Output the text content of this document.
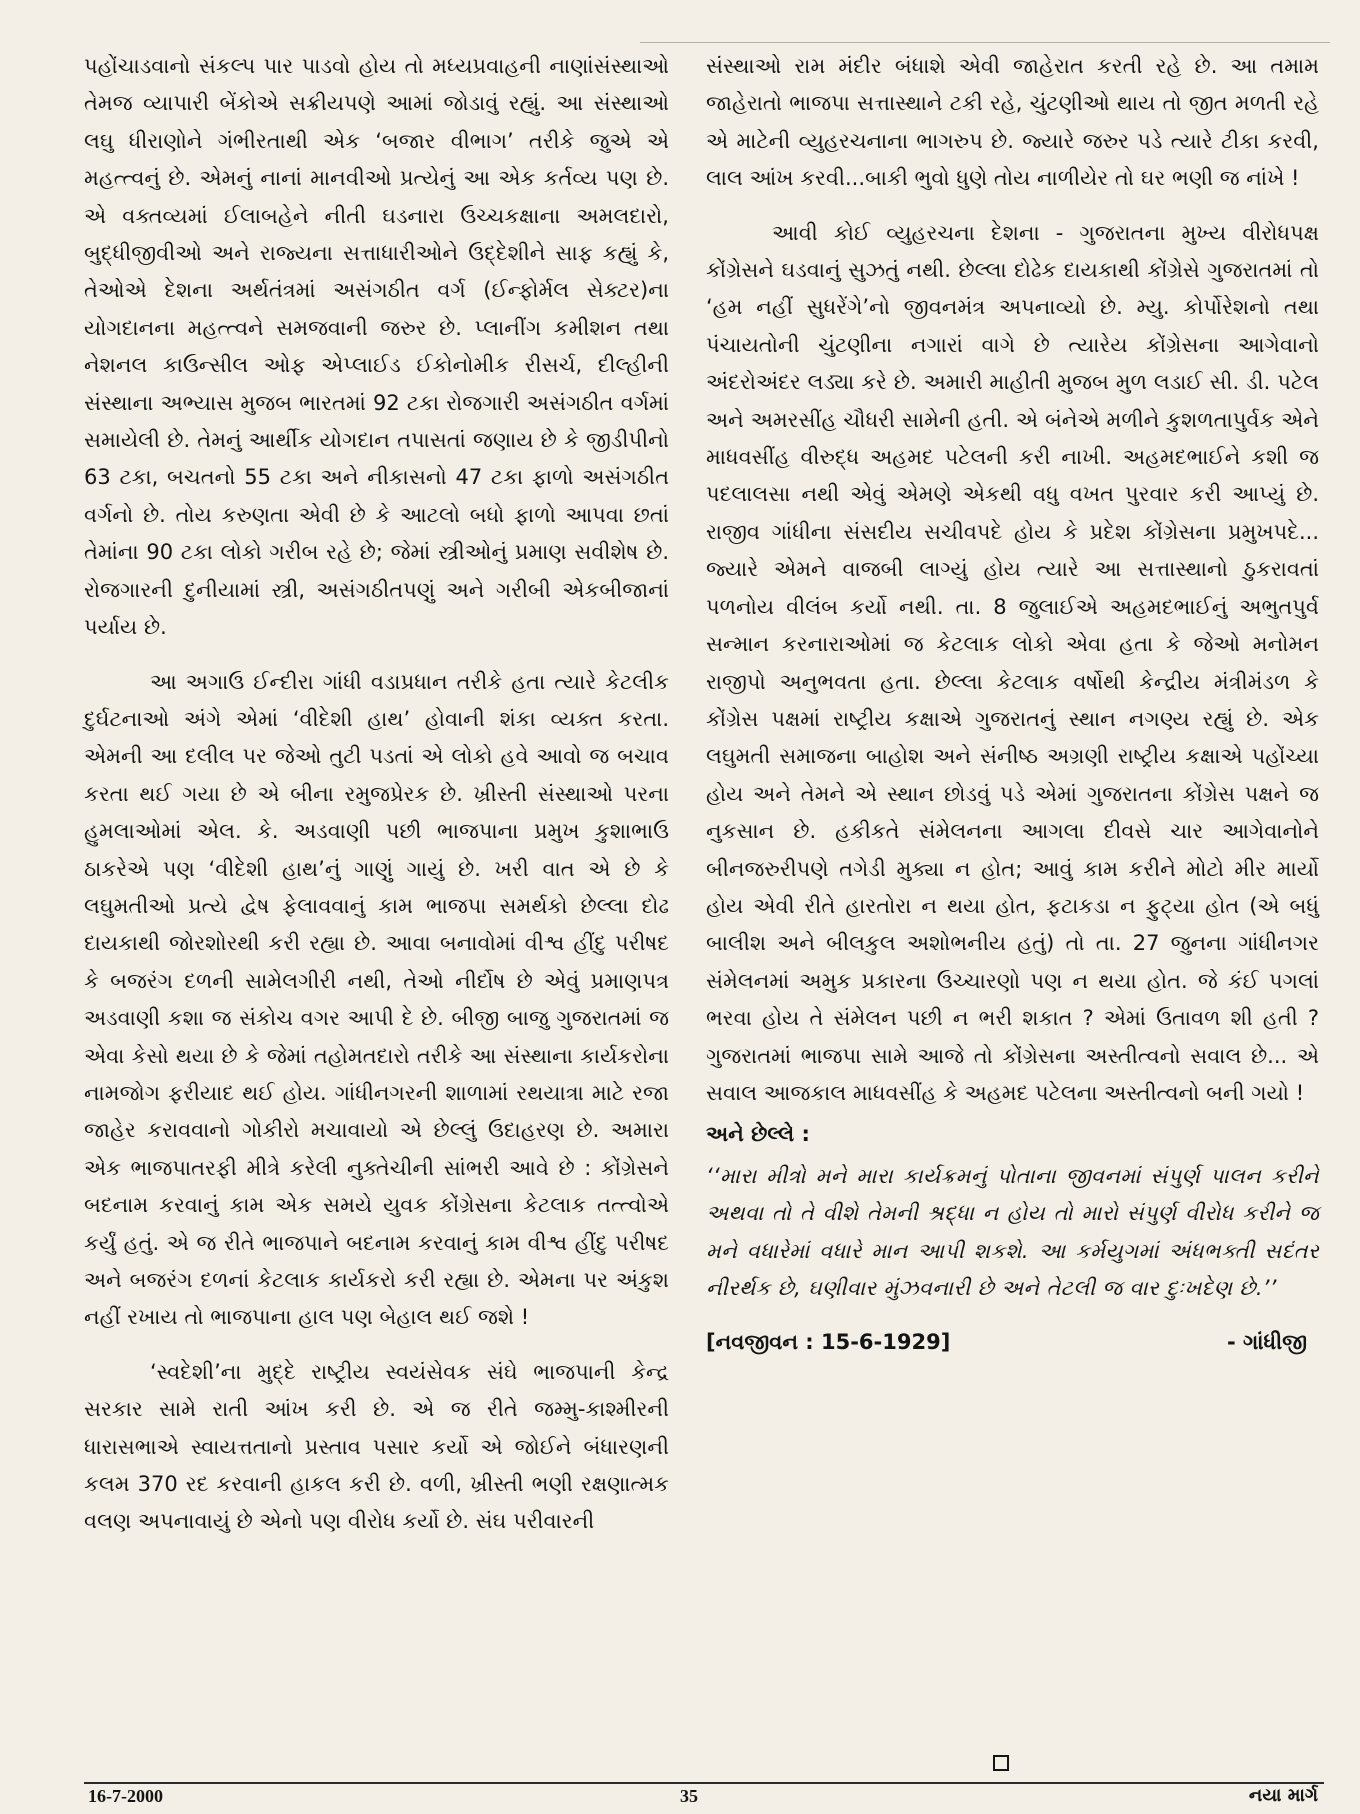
પહોંચાડવાનો સંકલ્પ પાર પાડવો હોય તો મધ્યપ્રવાહની નાણાંસંસ્થાઓ તેમજ વ્યાપારી બેંકોએ સક્રીયપણે આમાં જોડાવું રહ્યું. આ સંસ્થાઓ લઘુ ધીરાણોને ગંભીરતાથી એક ‘બજાર વીભાગ’ તરીકે જુએ એ મહત્ત્વનું છે. એમનું નાનાં માનવીઓ પ્રત્યેનું આ એક કર્તવ્ય પણ છે. એ વક્તવ્યમાં ઈલાબહેને નીતી ઘડનારા ઉચ્ચકક્ષાના અમલદારો, બુદ્ધીજીવીઓ અને રાજ્યના સત્તાધારીઓને ઉદ્દેશીને સાફ કહ્યું કે, તેઓએ દેશના અર્થતંત્રમાં અસંગઠીત વર્ગ (ઈન્ફોર્મલ સેક્ટર)ના યોગદાનના મહત્ત્વને સમજવાની જરુર છે. પ્લાનીંગ કમીશન તથા નેશનલ કાઉન્સીલ ઓફ એપ્લાઈડ ઈકોનોમીક રીસર્ચ, દીલ્હીની સંસ્થાના અભ્યાસ મુજબ ભારતમાં 92 ટકા રોજગારી અસંગઠીત વર્ગમાં સમાયેલી છે. તેમનું આર્થીક યોગદાન તપાસતાં જણાય છે કે જીડીપીનો 63 ટકા, બચતનો 55 ટકા અને નીકાસનો 47 ટકા ફાળો અસંગઠીત વર્ગનો છે. તોય કરુણતા એવી છે કે આટલો બધો ફાળો આપવા છતાં તેમાંના 90 ટકા લોકો ગરીબ રહે છે; જેમાં સ્ત્રીઓનું પ્રમાણ સવીશેષ છે. રોજગારની દુનીયામાં સ્ત્રી, અસંગઠીતપણું અને ગરીબી એકબીજાનાં પર્યાય છે.

આ અગાઉ ઈન્દીરા ગાંધી વડાપ્રધાન તરીકે હતા ત્યારે કેટલીક દુર્ઘટનાઓ અંગે એમાં ‘વીદેશી હાથ’ હોવાની શંકા વ્યક્ત કરતા. એમની આ દલીલ પર જેઓ તુટી પડતાં એ લોકો હવે આવો જ બચાવ કરતા થઈ ગયા છે એ બીના રમુજપ્રેરક છે. ખ્રીસ્તી સંસ્થાઓ પરના હુમલાઓમાં એલ. કે. અડવાણી પછી ભાજપાના પ્રમુખ કુશાભાઉ ઠાકરેએ પણ ‘વીદેશી હાથ’નું ગાણું ગાયું છે. ખરી વાત એ છે કે લઘુમતીઓ પ્રત્યે દ્વેષ ફેલાવવાનું કામ ભાજપા સમર્થકો છેલ્લા દોઢ દાયકાથી જોરશોરથી કરી રહ્યા છે. આવા બનાવોમાં વીશ્વ હીંદુ પરીષદ કે બજરંગ દળની સામેલગીરી નથી, તેઓ નીર્દોષ છે એવું પ્રમાણપત્ર અડવાણી કશા જ સંકોચ વગર આપી દે છે. બીજી બાજુ ગુજરાતમાં જ એવા કેસો થયા છે કે જેમાં તહોમતદારો તરીકે આ સંસ્થાના કાર્યકરોના નામજોગ ફરીયાદ થઈ હોય. ગાંધીનગરની શાળામાં રથયાત્રા માટે રજા જાહેર કરાવવાનો ગોકીરો મચાવાયો એ છેલ્લું ઉદાહરણ છે. અમારા એક ભાજપાતરફી મીત્રે કરેલી નુક્તેચીની સાંભરી આવે છે : કોંગ્રેસને બદનામ કરવાનું કામ એક સમયે યુવક કોંગ્રેસના કેટલાક તત્ત્વોએ કર્યું હતું. એ જ રીતે ભાજપાને બદનામ કરવાનું કામ વીશ્વ હીંદુ પરીષદ અને બજરંગ દળનાં કેટલાક કાર્યકરો કરી રહ્યા છે. એમના પર અંકુશ નહીં રખાય તો ભાજપાના હાલ પણ બેહાલ થઈ જશે !

‘સ્વદેશી’ના મુદ્દે રાષ્ટ્રીય સ્વયંસેવક સંઘે ભાજપાની કેન્દ્ર સરકાર સામે રાતી આંખ કરી છે. એ જ રીતે જમ્મુ-કાશ્મીરની ધારાસભાએ સ્વાયત્તતાનો પ્રસ્તાવ પસાર કર્યો એ જોઈને બંધારણની કલમ 370 રદ કરવાની હાકલ કરી છે. વળી, ખ્રીસ્તી ભણી રક્ષણાત્મક વલણ અપનાવાયું છે એનો પણ વીરોધ કર્યો છે. સંઘ પરીવારની

સંસ્થાઓ રામ મંદીર બંધાશે એવી જાહેરાત કરતી રહે છે. આ તમામ જાહેરાતો ભાજપા સત્તાસ્થાને ટકી રહે, ચુંટણીઓ થાય તો જીત મળતી રહે એ માટેની વ્યુહરચનાના ભાગરુપ છે. જ્યારે જરુર પડે ત્યારે ટીકા કરવી, લાલ આંખ કરવી...બાકી ભુવો ધુણે તોય નાળીયેર તો ઘર ભણી જ નાંખે !

આવી કોઈ વ્યુહરચના દેશના - ગુજરાતના મુખ્ય વીરોધપક્ષ કોંગ્રેસને ઘડવાનું સુઝતું નથી. છેલ્લા દોઢેક દાયકાથી કોંગ્રેસે ગુજરાતમાં તો ‘હમ નહીં સુધરેંગે’નો જીવનમંત્ર અપનાવ્યો છે. મ્યુ. કોર્પોરેશનો તથા પંચાયતોની ચુંટણીના નગારાં વાગે છે ત્યારેય કોંગ્રેસના આગેવાનો અંદરોઅંદર લડ્યા કરે છે. અમારી માહીતી મુજબ મુળ લડાઈ સી. ડી. પટેલ અને અમરસીંહ ચૌધરી સામેની હતી. એ બંનેએ મળીને કુશળતાપુર્વક એને માધવસીંહ વીરુદ્ધ અહમદ પટેલની કરી નાખી. અહમદભાઈને કશી જ પદલાલસા નથી એવું એમણે એકથી વધુ વખત પુરવાર કરી આપ્યું છે. રાજીવ ગાંધીના સંસદીય સચીવપદે હોય કે પ્રદેશ કોંગ્રેસના પ્રમુખપદે... જ્યારે એમને વાજબી લાગ્યું હોય ત્યારે આ સત્તાસ્થાનો ઠુકરાવતાં પળનોય વીલંબ કર્યો નથી. તા. 8 જુલાઈએ અહમદભાઈનું અભુતપુર્વ સન્માન કરનારાઓમાં જ કેટલાક લોકો એવા હતા કે જેઓ મનોમન રાજીપો અનુભવતા હતા. છેલ્લા કેટલાક વર્ષોથી કેન્દ્રીય મંત્રીમંડળ કે કોંગ્રેસ પક્ષમાં રાષ્ટ્રીય કક્ષાએ ગુજરાતનું સ્થાન નગણ્ય રહ્યું છે. એક લઘુમતી સમાજના બાહોશ અને સંનીષ્ઠ અગ્રણી રાષ્ટ્રીય કક્ષાએ પહોંચ્યા હોય અને તેમને એ સ્થાન છોડવું પડે એમાં ગુજરાતના કોંગ્રેસ પક્ષને જ નુકસાન છે. હકીકતે સંમેલનના આગલા દીવસે ચાર આગેવાનોને બીનજરુરીપણે તગેડી મુક્યા ન હોત; આવું કામ કરીને મોટો મીર માર્યો હોય એવી રીતે હારતોરા ન થયા હોત, ફટાકડા ન ફુટ્યા હોત (એ બધું બાલીશ અને બીલકુલ અશોભનીય હતું) તો તા. 27 જુનના ગાંધીનગર સંમેલનમાં અમુક પ્રકારના ઉચ્ચારણો પણ ન થયા હોત. જે કંઈ પગલાં ભરવા હોય તે સંમેલન પછી ન ભરી શકાત ? એમાં ઉતાવળ શી હતી ? ગુજરાતમાં ભાજપા સામે આજે તો કોંગ્રેસના અસ્તીત્વનો સવાલ છે... એ સવાલ આજકાલ માધવસીંહ કે અહમદ પટેલના અસ્તીત્વનો બની ગયો !

અને છેલ્લે :

‘‘મારા મીત્રો મને મારા કાર્યક્રમનું પોતાના જીવનમાં સંપુર્ણ પાલન કરીને અથવા તો તે વીશે તેમની શ્રદ્ધા ન હોય તો મારો સંપુર્ણ વીરોધ કરીને જ મને વધારેમાં વધારે માન આપી શકશે. આ કર્મયુગમાં અંધભક્તી સદંતર નીરર્થક છે, ઘણીવાર મુંઝવનારી છે અને તેટલી જ વાર દુઃખદેણ છે.’’

[નવજીવન : 15-6-1929]	- ગાંધીજી
16-7-2000	35	નયા માર્ગ
